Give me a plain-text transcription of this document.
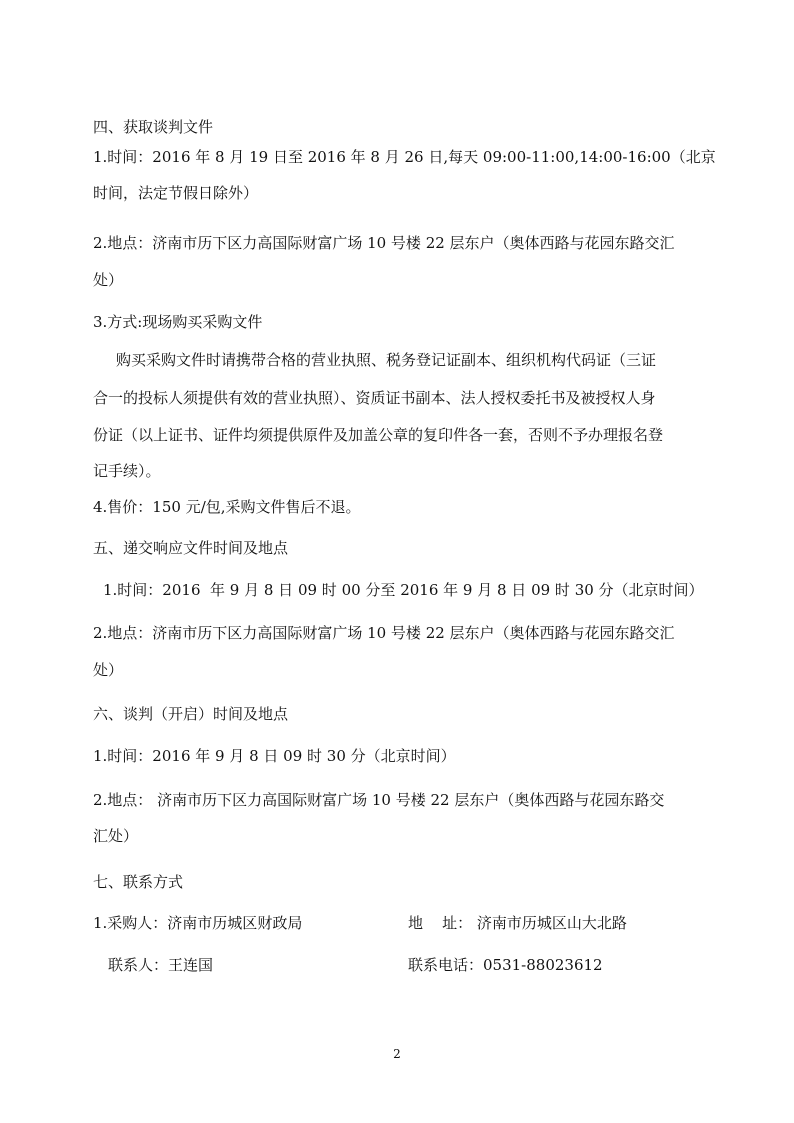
四、获取谈判文件

1.时间：2016 年 8 月 19 日至 2016 年 8 月 26 日,每天 09:00-11:00,14:00-16:00（北京

时间，法定节假日除外）

2.地点：济南市历下区力高国际财富广场 10 号楼 22 层东户（奥体西路与花园东路交汇

处）

3.方式:现场购买采购文件

购买采购文件时请携带合格的营业执照、税务登记证副本、组织机构代码证（三证

合一的投标人须提供有效的营业执照）、资质证书副本、法人授权委托书及被授权人身

份证（以上证书、证件均须提供原件及加盖公章的复印件各一套，否则不予办理报名登

记手续）。

4.售价：150 元/包,采购文件售后不退。

五、递交响应文件时间及地点

1.时间：2016  年 9 月 8 日 09 时 00 分至 2016 年 9 月 8 日 09 时 30 分（北京时间）

2.地点：济南市历下区力高国际财富广场 10 号楼 22 层东户（奥体西路与花园东路交汇

处）

六、谈判（开启）时间及地点

1.时间：2016 年 9 月 8 日 09 时 30 分（北京时间）

2.地点： 济南市历下区力高国际财富广场 10 号楼 22 层东户（奥体西路与花园东路交

汇处）

七、联系方式

1.采购人：济南市历城区财政局	地    址： 济南市历城区山大北路

联系人：王连国	联系电话：0531-88023612
2
